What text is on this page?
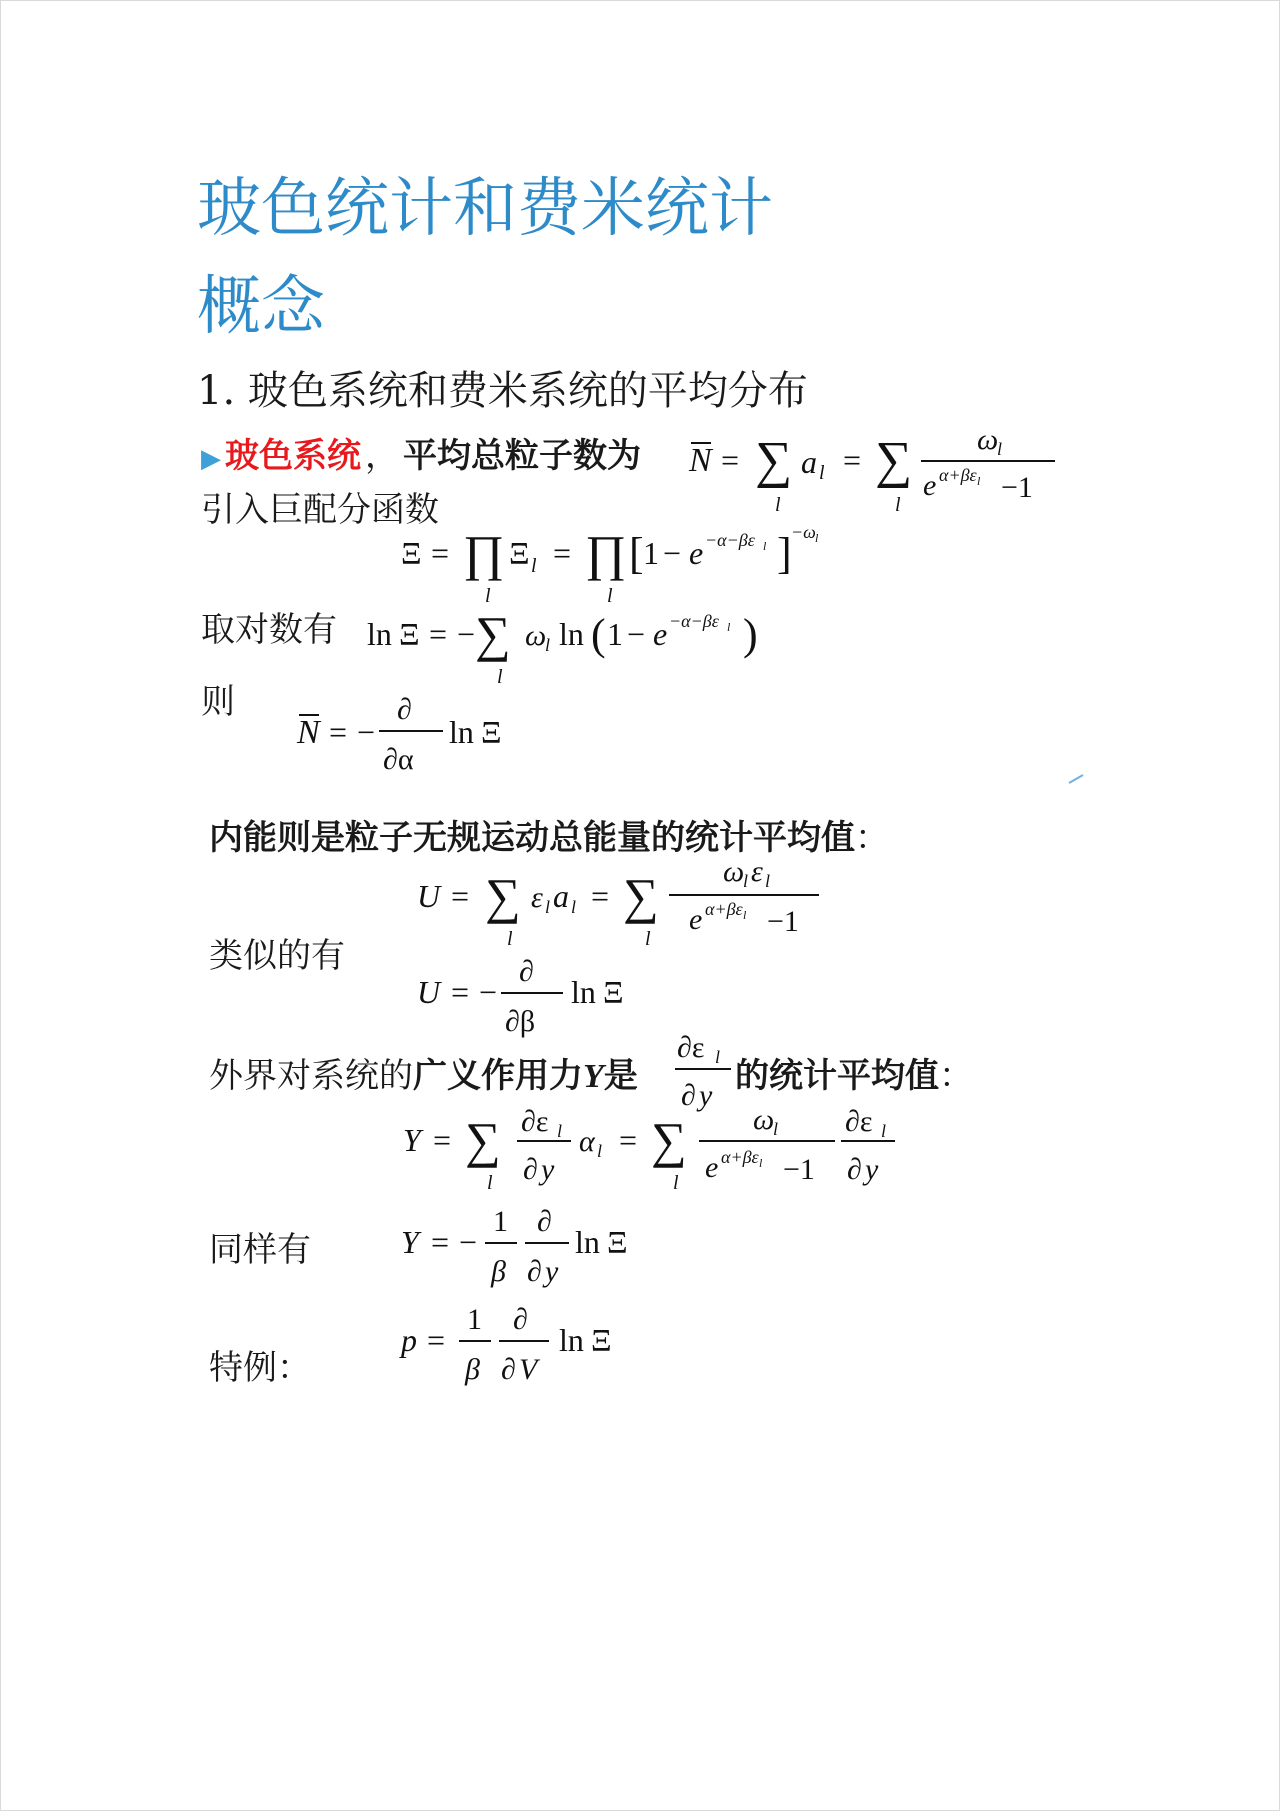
玻色统计和费米统计
概念
1. 玻色系统和费米系统的平均分布
▶ 玻色系统 ， 平均总粒子数为 N = ∑
l
a l = ∑
l
ω
l
e α+βε l −1
引入巨配分函数
Ξ = ∏
l
Ξ l = ∏
l
[ 1 − e −α−βε l ] −ω l
取对数有 ln Ξ = − ∑
l
ω
l ln ( 1 − e −α−βε l )
则
N = −
∂
∂α
ln Ξ
内能则是粒子无规运动总能量的统计平均值：
U = ∑
l
ε l a l = ∑
l
ω
l ε l
e α+βε l −1
类似的有
U = −
∂
∂β
ln Ξ
外界对系统的广义作用力Y是
∂ε l
∂ y 的统计平均值：
Y = ∑
l
∂ε l
∂ y
α l = ∑
l
ω
l
e α+βε l −1
∂ε l
∂ y
同样有	Y = −
1
β
∂
∂ y
ln Ξ
特例：
p =
1
β
∂
∂ V
ln Ξ
